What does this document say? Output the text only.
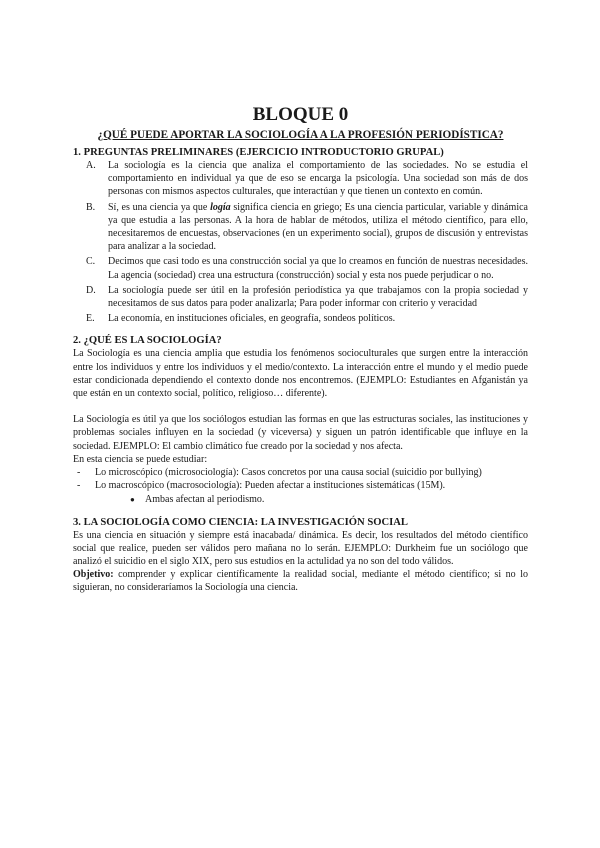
BLOQUE 0

¿QUÉ PUEDE APORTAR LA SOCIOLOGÍA A LA PROFESIÓN PERIODÍSTICA?

1. PREGUNTAS PRELIMINARES (EJERCICIO INTRODUCTORIO GRUPAL)

A. La sociología es la ciencia que analiza el comportamiento de las sociedades. No se estudia el comportamiento en individual ya que de eso se encarga la psicología. Una sociedad son más de dos personas con mismos aspectos culturales, que interactúan y que tienen un contexto en común.
B. Sí, es una ciencia ya que logía significa ciencia en griego; Es una ciencia particular, variable y dinámica ya que estudia a las personas. A la hora de hablar de métodos, utiliza el método científico, para ello, necesitaremos de encuestas, observaciones (en un experimento social), grupos de discusión y entrevistas para analizar a la sociedad.
C. Decimos que casi todo es una construcción social ya que lo creamos en función de nuestras necesidades. La agencia (sociedad) crea una estructura (construcción) social y esta nos puede perjudicar o no.
D. La sociología puede ser útil en la profesión periodística ya que trabajamos con la propia sociedad y necesitamos de sus datos para poder analizarla; Para poder informar con criterio y veracidad
E. La economía, en instituciones oficiales, en geografía, sondeos políticos.

2. ¿QUÉ ES LA SOCIOLOGÍA?

La Sociología es una ciencia amplia que estudia los fenómenos socioculturales que surgen entre la interacción entre los individuos y entre los individuos y el medio/contexto. La interacción entre el mundo y el medio puede estar condicionada dependiendo el contexto donde nos encontremos. (EJEMPLO: Estudiantes en Afganistán ya que están en un contexto social, político, religioso… diferente).

La Sociología es útil ya que los sociólogos estudian las formas en que las estructuras sociales, las instituciones y problemas sociales influyen en la sociedad (y viceversa) y siguen un patrón identificable que influye en la sociedad. EJEMPLO: El cambio climático fue creado por la sociedad y nos afecta.

En esta ciencia se puede estudiar:

- Lo microscópico (microsociología): Casos concretos por una causa social (suicidio por bullying)
- Lo macroscópico (macrosociología): Pueden afectar a instituciones sistemáticas (15M).

● Ambas afectan al periodismo.

3. LA SOCIOLOGÍA COMO CIENCIA: LA INVESTIGACIÓN SOCIAL

Es una ciencia en situación y siempre está inacabada/ dinámica. Es decir, los resultados del método científico social que realice, pueden ser válidos pero mañana no lo serán. EJEMPLO: Durkheim fue un sociólogo que analizó el suicidio en el siglo XIX, pero sus estudios en la actulidad ya no son del todo válidos.

Objetivo: comprender y explicar científicamente la realidad social, mediante el método científico; si no lo siguieran, no consideraríamos la Sociología una ciencia.
